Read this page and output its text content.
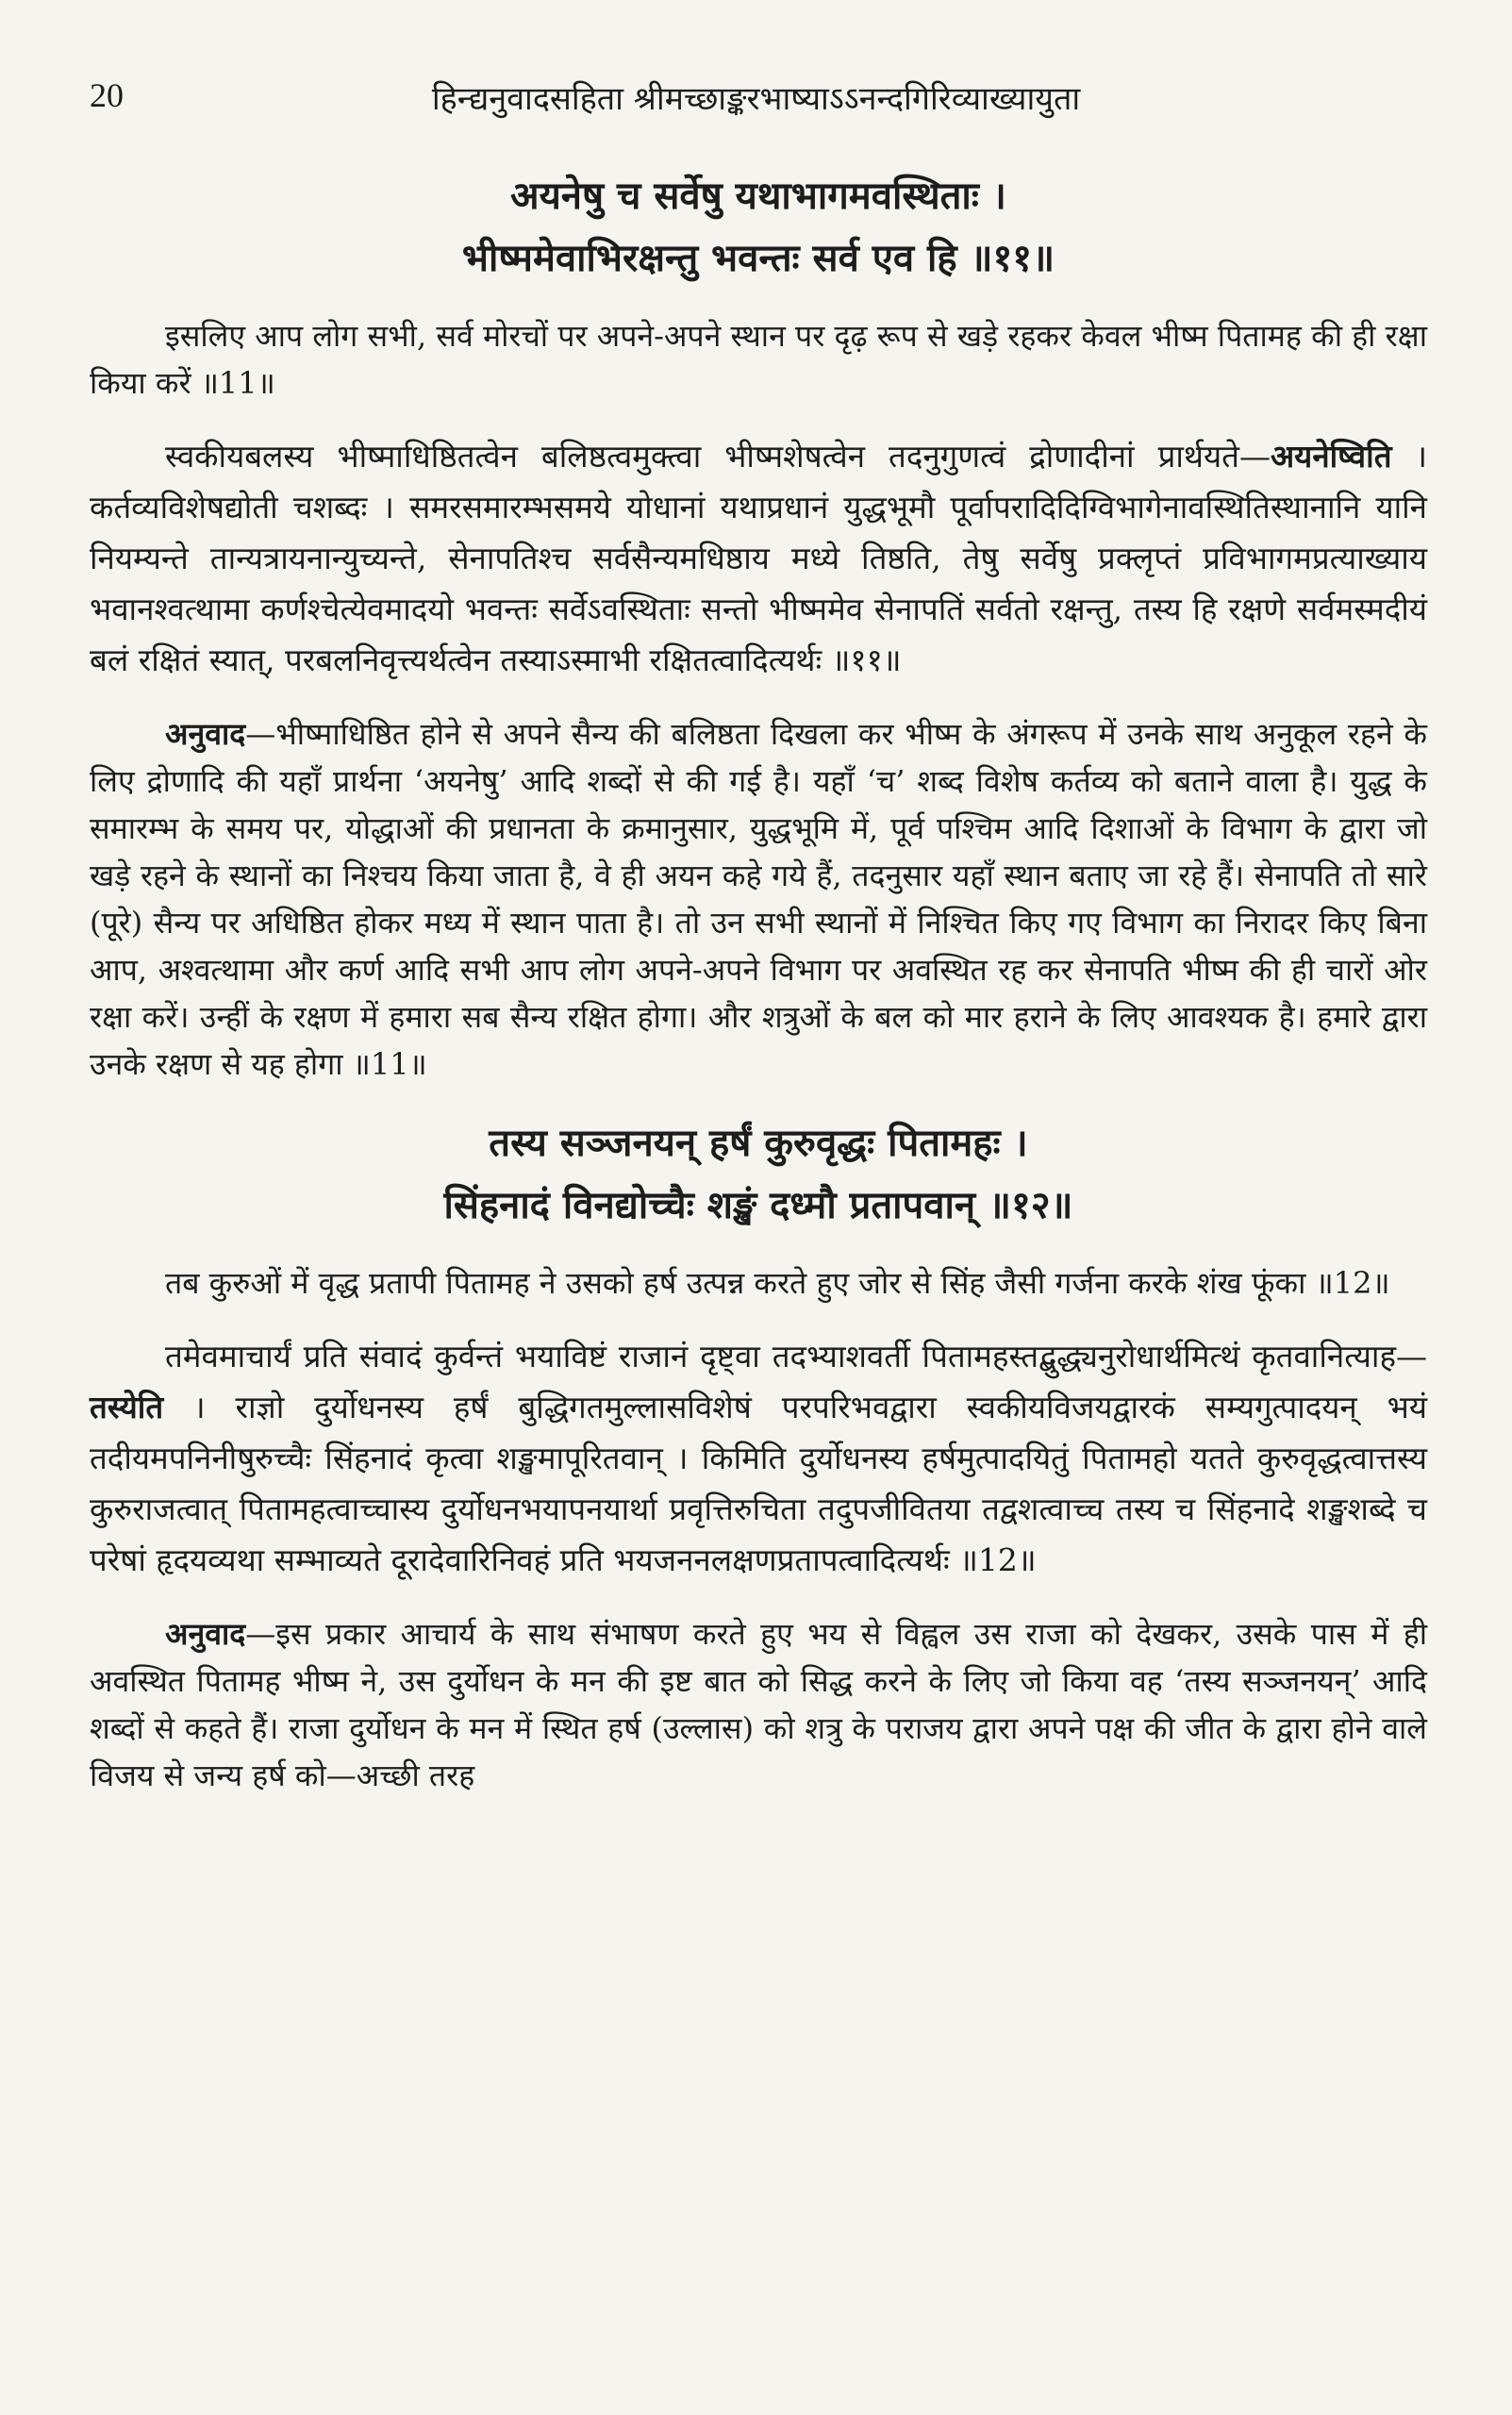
20	हिन्द्यनुवादसहिता श्रीमच्छाङ्करभाष्याऽऽनन्दगिरिव्याख्यायुता
अयनेषु च सर्वेषु यथाभागमवस्थिताः ।
भीष्ममेवाभिरक्षन्तु भवन्तः सर्व एव हि ॥११॥

इसलिए आप लोग सभी, सर्व मोरचों पर अपने-अपने स्थान पर दृढ़ रूप से खड़े रहकर केवल भीष्म पितामह की ही रक्षा किया करें ॥11॥

स्वकीयबलस्य भीष्माधिष्ठितत्वेन बलिष्ठत्वमुक्त्वा भीष्मशेषत्वेन तदनुगुणत्वं द्रोणादीनां प्रार्थयते—अयनेष्विति । कर्तव्यविशेषद्योती चशब्दः । समरसमारम्भसमये योधानां यथाप्रधानं युद्धभूमौ पूर्वापरादिदिग्विभागेनावस्थितिस्थानानि यानि नियम्यन्ते तान्यत्रायनान्युच्यन्ते, सेनापतिश्च सर्वसैन्यमधिष्ठाय मध्ये तिष्ठति, तेषु सर्वेषु प्रक्लृप्तं प्रविभागमप्रत्याख्याय भवानश्वत्थामा कर्णश्चेत्येवमादयो भवन्तः सर्वेऽवस्थिताः सन्तो भीष्ममेव सेनापतिं सर्वतो रक्षन्तु, तस्य हि रक्षणे सर्वमस्मदीयं बलं रक्षितं स्यात्, परबलनिवृत्त्यर्थत्वेन तस्याऽस्माभी रक्षितत्वादित्यर्थः ॥११॥

अनुवाद—भीष्माधिष्ठित होने से अपने सैन्य की बलिष्ठता दिखला कर भीष्म के अंगरूप में उनके साथ अनुकूल रहने के लिए द्रोणादि की यहाँ प्रार्थना ‘अयनेषु’ आदि शब्दों से की गई है। यहाँ ‘च’ शब्द विशेष कर्तव्य को बताने वाला है। युद्ध के समारम्भ के समय पर, योद्धाओं की प्रधानता के क्रमानुसार, युद्धभूमि में, पूर्व पश्चिम आदि दिशाओं के विभाग के द्वारा जो खड़े रहने के स्थानों का निश्चय किया जाता है, वे ही अयन कहे गये हैं, तदनुसार यहाँ स्थान बताए जा रहे हैं। सेनापति तो सारे (पूरे) सैन्य पर अधिष्ठित होकर मध्य में स्थान पाता है। तो उन सभी स्थानों में निश्चित किए गए विभाग का निरादर किए बिना आप, अश्वत्थामा और कर्ण आदि सभी आप लोग अपने-अपने विभाग पर अवस्थित रह कर सेनापति भीष्म की ही चारों ओर रक्षा करें। उन्हीं के रक्षण में हमारा सब सैन्य रक्षित होगा। और शत्रुओं के बल को मार हराने के लिए आवश्यक है। हमारे द्वारा उनके रक्षण से यह होगा ॥11॥

तस्य सञ्जनयन् हर्षं कुरुवृद्धः पितामहः ।
सिंहनादं विनद्योच्चैः शङ्खं दध्मौ प्रतापवान् ॥१२॥

तब कुरुओं में वृद्ध प्रतापी पितामह ने उसको हर्ष उत्पन्न करते हुए जोर से सिंह जैसी गर्जना करके शंख फूंका ॥12॥

तमेवमाचार्यं प्रति संवादं कुर्वन्तं भयाविष्टं राजानं दृष्ट्वा तदभ्याशवर्ती पितामहस्तद्बुद्ध्यनुरोधार्थमित्थं कृतवानित्याह—तस्येति । राज्ञो दुर्योधनस्य हर्षं बुद्धिगतमुल्लासविशेषं परपरिभवद्वारा स्वकीयविजयद्वारकं सम्यगुत्पादयन् भयं तदीयमपनिनीषुरुच्चैः सिंहनादं कृत्वा शङ्खमापूरितवान् । किमिति दुर्योधनस्य हर्षमुत्पादयितुं पितामहो यतते कुरुवृद्धत्वात्तस्य कुरुराजत्वात् पितामहत्वाच्चास्य दुर्योधनभयापनयार्था प्रवृत्तिरुचिता तदुपजीवितया तद्वशत्वाच्च तस्य च सिंहनादे शङ्खशब्दे च परेषां हृदयव्यथा सम्भाव्यते दूरादेवारिनिवहं प्रति भयजननलक्षणप्रतापत्वादित्यर्थः ॥12॥

अनुवाद—इस प्रकार आचार्य के साथ संभाषण करते हुए भय से विह्वल उस राजा को देखकर, उसके पास में ही अवस्थित पितामह भीष्म ने, उस दुर्योधन के मन की इष्ट बात को सिद्ध करने के लिए जो किया वह ‘तस्य सञ्जनयन्’ आदि शब्दों से कहते हैं। राजा दुर्योधन के मन में स्थित हर्ष (उल्लास) को शत्रु के पराजय द्वारा अपने पक्ष की जीत के द्वारा होने वाले विजय से जन्य हर्ष को—अच्छी तरह
